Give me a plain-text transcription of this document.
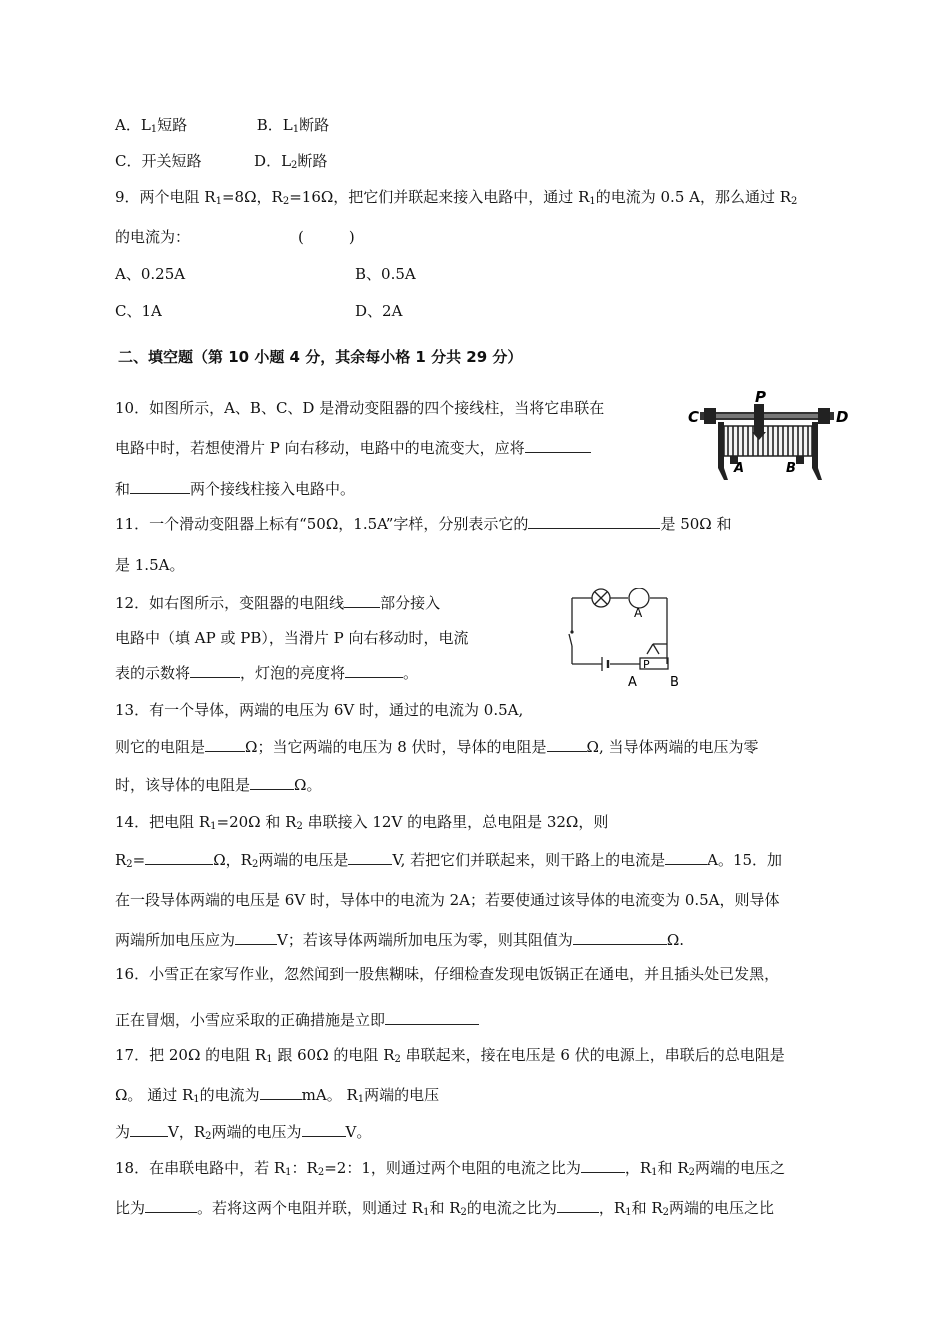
A．$L_1$短路	B．$L_1$断路
C．开关短路	D．$L_2$断路
9．两个电阻 $R_1=8\Omega$，$R_2=16\Omega$，把它们并联起来接入电路中，通过 $R_1$的电流为 0.5 A，那么通过 $R_2$
的电流为：	(　　　)
A、0.25A	B、0.5A
C、1A	D、2A
二、填空题（第 10 小题 4 分，其余每小格 1 分共 29 分）
10．如图所示，A、B、C、D 是滑动变阻器的四个接线柱，当将它串联在
电路中时，若想使滑片 P 向右移动，电路中的电流变大，应将
和	两个接线柱接入电路中。
C	D
P
A	B
11．一个滑动变阻器上标有“50Ω，1.5A”字样，分别表示它的	是 50Ω 和
是 1.5A。
12．如右图所示，变阻器的电阻线 部分接入
电路中（填 AP 或 PB），当滑片 P 向右移动时，电流
表的示数将	，灯泡的亮度将	。
A
P
A	B
13．有一个导体，两端的电压为 6V 时，通过的电流为 0.5A,
则它的电阻是	Ω；当它两端的电压为 8 伏时，导体的电阻是	Ω, 当导体两端的电压为零
时，该导体的电阻是	Ω。
14．把电阻 $R_1=20\Omega$ 和 $R_2$ 串联接入 12V 的电路里，总电阻是 32Ω，则
$R_2=$	Ω，$R_2$两端的电压是	V, 若把它们并联起来，则干路上的电流是	A。15．加
在一段导体两端的电压是 6V 时，导体中的电流为 2A；若要使通过该导体的电流变为 0.5A，则导体
两端所加电压应为	V；若该导体两端所加电压为零，则其阻值为	Ω.
16．小雪正在家写作业，忽然闻到一股焦糊味，仔细检查发现电饭锅正在通电，并且插头处已发黑，
正在冒烟，小雪应采取的正确措施是立即
17．把 20Ω 的电阻 $R_1$ 跟 60Ω 的电阻 $R_2$ 串联起来，接在电压是 6 伏的电源上，串联后的总电阻是
Ω。 通过 $R_1$的电流为	mA。 $R_1$两端的电压
为	V，$R_2$两端的电压为	V。
18．在串联电路中，若 $R_1$：$R_2=2$：1，则通过两个电阻的电流之比为	，$R_1$和 $R_2$两端的电压之
比为	。若将这两个电阻并联，则通过 $R_1$和 $R_2$的电流之比为	，$R_1$和 $R_2$两端的电压之比
